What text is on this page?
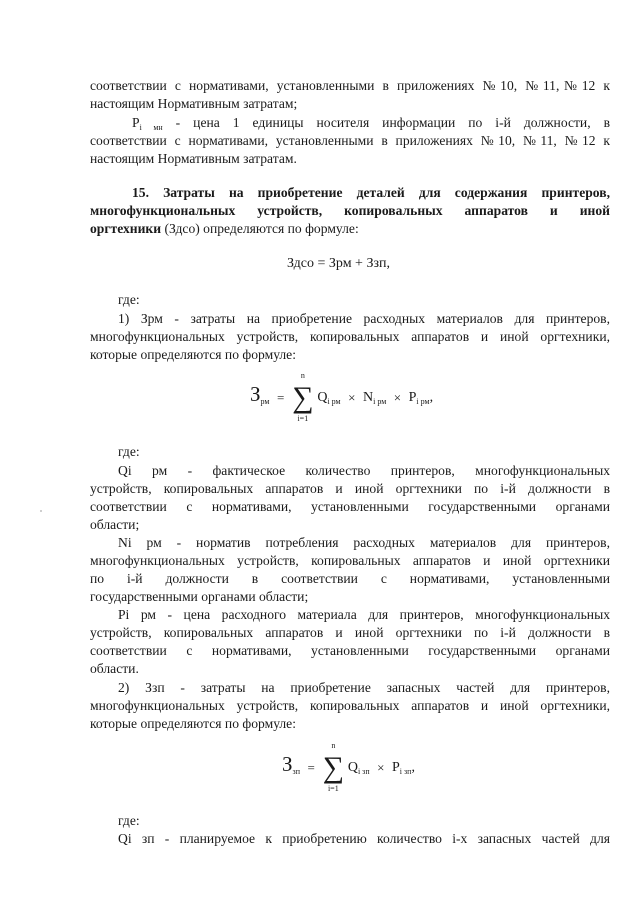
соответствии с нормативами, установленными в приложениях №10, №11,№12 к
настоящим Нормативным затратам;
$P_{i мн}$ - цена 1 единицы носителя информации по i-й должности, в
соответствии с нормативами, установленными в приложениях №10, №11, №12 к
настоящим Нормативным затратам.
15. Затраты на приобретение деталей для содержания принтеров,
многофункциональных устройств, копировальных аппаратов и иной
оргтехники (Здсо) определяются по формуле:
Здсо = Зрм + Ззп,
где:
1) Зрм - затраты на приобретение расходных материалов для принтеров,
многофункциональных устройств, копировальных аппаратов и иной оргтехники,
которые определяются по формуле:
$З_{рм}$ =
n
∑
i=1
$Q_{i рм} \times N_{i рм} \times P_{i рм}$,
где:
Qi рм - фактическое количество принтеров, многофункциональных
устройств, копировальных аппаратов и иной оргтехники по i-й должности в
соответствии с нормативами, установленными государственными органами
области;
Ni рм - норматив потребления расходных материалов для принтеров,
многофункциональных устройств, копировальных аппаратов и иной оргтехники
по i-й должности в соответствии с нормативами, установленными
государственными органами области;
Pi рм - цена расходного материала для принтеров, многофункциональных
устройств, копировальных аппаратов и иной оргтехники по i-й должности в
соответствии с нормативами, установленными государственными органами
области.
2) Ззп - затраты на приобретение запасных частей для принтеров,
многофункциональных устройств, копировальных аппаратов и иной оргтехники,
которые определяются по формуле:
$З_{зп}$ =
n
∑
i=1
$Q_{i зп} \times P_{i зп}$,
где:
Qi зп - планируемое к приобретению количество i-х запасных частей для
